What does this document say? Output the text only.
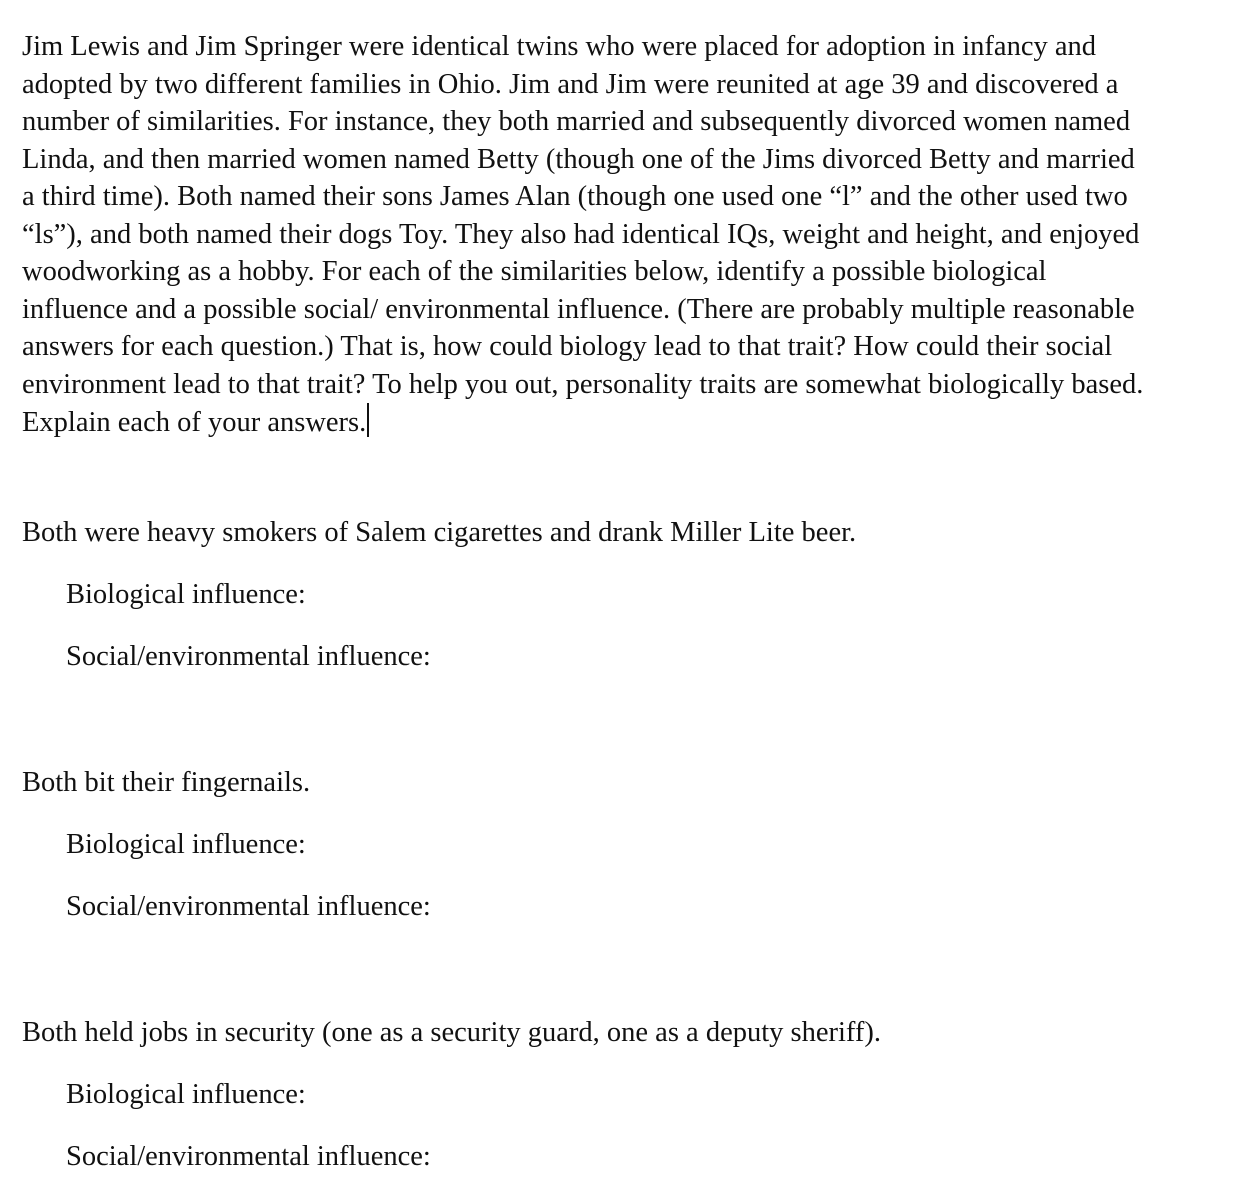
Jim Lewis and Jim Springer were identical twins who were placed for adoption in infancy and adopted by two different families in Ohio. Jim and Jim were reunited at age 39 and discovered a number of similarities. For instance, they both married and subsequently divorced women named Linda, and then married women named Betty (though one of the Jims divorced Betty and married a third time). Both named their sons James Alan (though one used one “l” and the other used two “ls”), and both named their dogs Toy. They also had identical IQs, weight and height, and enjoyed woodworking as a hobby. For each of the similarities below, identify a possible biological influence and a possible social/ environmental influence. (There are probably multiple reasonable answers for each question.) That is, how could biology lead to that trait? How could their social environment lead to that trait? To help you out, personality traits are somewhat biologically based. Explain each of your answers.

Both were heavy smokers of Salem cigarettes and drank Miller Lite beer.

Biological influence:

Social/environmental influence:

Both bit their fingernails.

Biological influence:

Social/environmental influence:

Both held jobs in security (one as a security guard, one as a deputy sheriff).

Biological influence:

Social/environmental influence:
